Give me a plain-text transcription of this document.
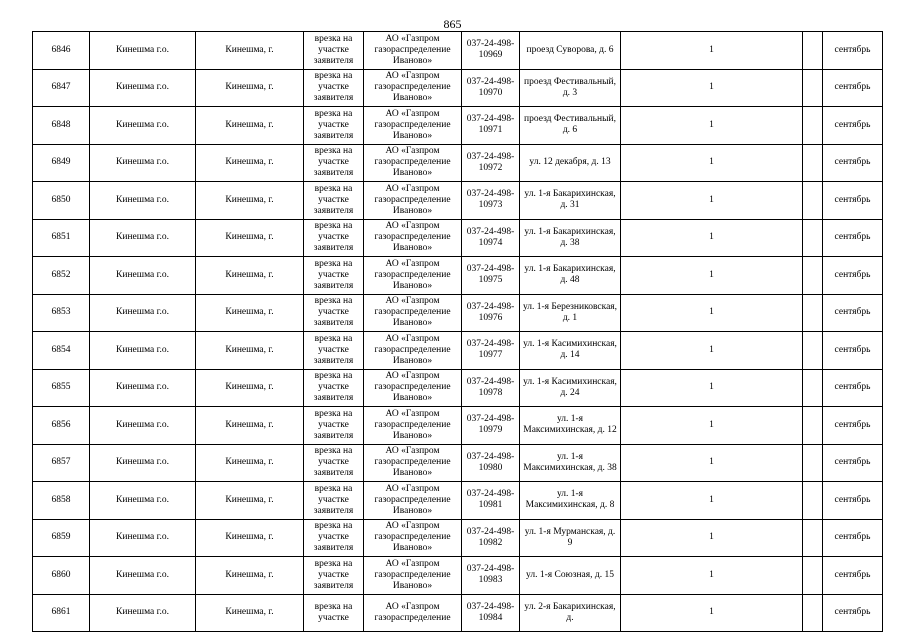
865
6846	Кинешма г.о.	Кинешма, г.	врезка на участке заявителя	АО «Газпром газораспределение Иваново»	037-24-498-10969	проезд Суворова, д. 6	1		сентябрь

6847	Кинешма г.о.	Кинешма, г.	врезка на участке заявителя	АО «Газпром газораспределение Иваново»	037-24-498-10970	проезд Фестивальный, д. 3	1		сентябрь

6848	Кинешма г.о.	Кинешма, г.	врезка на участке заявителя	АО «Газпром газораспределение Иваново»	037-24-498-10971	проезд Фестивальный, д. 6	1		сентябрь

6849	Кинешма г.о.	Кинешма, г.	врезка на участке заявителя	АО «Газпром газораспределение Иваново»	037-24-498-10972	ул. 12 декабря, д. 13	1		сентябрь

6850	Кинешма г.о.	Кинешма, г.	врезка на участке заявителя	АО «Газпром газораспределение Иваново»	037-24-498-10973	ул. 1-я Бакарихинская, д. 31	1		сентябрь

6851	Кинешма г.о.	Кинешма, г.	врезка на участке заявителя	АО «Газпром газораспределение Иваново»	037-24-498-10974	ул. 1-я Бакарихинская, д. 38	1		сентябрь

6852	Кинешма г.о.	Кинешма, г.	врезка на участке заявителя	АО «Газпром газораспределение Иваново»	037-24-498-10975	ул. 1-я Бакарихинская, д. 48	1		сентябрь

6853	Кинешма г.о.	Кинешма, г.	врезка на участке заявителя	АО «Газпром газораспределение Иваново»	037-24-498-10976	ул. 1-я Березниковская, д. 1	1		сентябрь

6854	Кинешма г.о.	Кинешма, г.	врезка на участке заявителя	АО «Газпром газораспределение Иваново»	037-24-498-10977	ул. 1-я Касимихинская, д. 14	1		сентябрь

6855	Кинешма г.о.	Кинешма, г.	врезка на участке заявителя	АО «Газпром газораспределение Иваново»	037-24-498-10978	ул. 1-я Касимихинская, д. 24	1		сентябрь

6856	Кинешма г.о.	Кинешма, г.	врезка на участке заявителя	АО «Газпром газораспределение Иваново»	037-24-498-10979	ул. 1-я Максимихинская, д. 12	1		сентябрь

6857	Кинешма г.о.	Кинешма, г.	врезка на участке заявителя	АО «Газпром газораспределение Иваново»	037-24-498-10980	ул. 1-я Максимихинская, д. 38	1		сентябрь

6858	Кинешма г.о.	Кинешма, г.	врезка на участке заявителя	АО «Газпром газораспределение Иваново»	037-24-498-10981	ул. 1-я Максимихинская, д. 8	1		сентябрь

6859	Кинешма г.о.	Кинешма, г.	врезка на участке заявителя	АО «Газпром газораспределение Иваново»	037-24-498-10982	ул. 1-я Мурманская, д. 9	1		сентябрь

6860	Кинешма г.о.	Кинешма, г.	врезка на участке заявителя	АО «Газпром газораспределение Иваново»	037-24-498-10983	ул. 1-я Союзная, д. 15	1		сентябрь

6861	Кинешма г.о.	Кинешма, г.	врезка на участке	АО «Газпром газораспределение	037-24-498-10984	ул. 2-я Бакарихинская, д.	1		сентябрь
